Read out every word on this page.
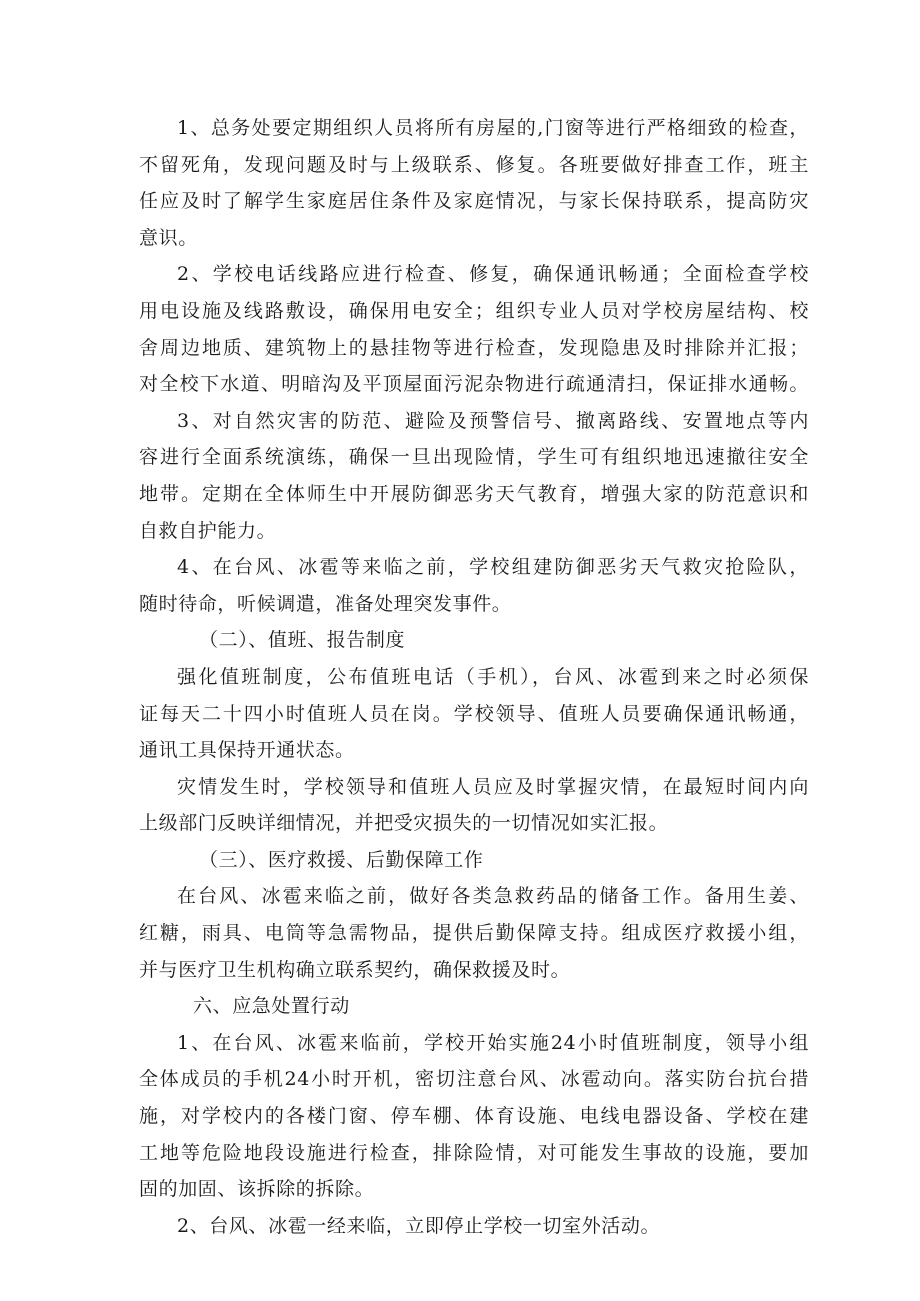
1、总务处要定期组织人员将所有房屋的,门窗等进行严格细致的检查，
不留死角，发现问题及时与上级联系、修复。各班要做好排查工作，班主
任应及时了解学生家庭居住条件及家庭情况，与家长保持联系，提高防灾
意识。
2、学校电话线路应进行检查、修复，确保通讯畅通；全面检查学校
用电设施及线路敷设，确保用电安全；组织专业人员对学校房屋结构、校
舍周边地质、建筑物上的悬挂物等进行检查，发现隐患及时排除并汇报；
对全校下水道、明暗沟及平顶屋面污泥杂物进行疏通清扫，保证排水通畅。
3、对自然灾害的防范、避险及预警信号、撤离路线、安置地点等内
容进行全面系统演练，确保一旦出现险情，学生可有组织地迅速撤往安全
地带。定期在全体师生中开展防御恶劣天气教育，增强大家的防范意识和
自救自护能力。
4、在台风、冰雹等来临之前，学校组建防御恶劣天气救灾抢险队，
随时待命，听候调遣，准备处理突发事件。
（二）、值班、报告制度
强化值班制度，公布值班电话（手机），台风、冰雹到来之时必须保
证每天二十四小时值班人员在岗。学校领导、值班人员要确保通讯畅通，
通讯工具保持开通状态。
灾情发生时，学校领导和值班人员应及时掌握灾情，在最短时间内向
上级部门反映详细情况，并把受灾损失的一切情况如实汇报。
（三）、医疗救援、后勤保障工作
在台风、冰雹来临之前，做好各类急救药品的储备工作。备用生姜、
红糖，雨具、电筒等急需物品，提供后勤保障支持。组成医疗救援小组，
并与医疗卫生机构确立联系契约，确保救援及时。
六、应急处置行动
1、在台风、冰雹来临前，学校开始实施24小时值班制度，领导小组
全体成员的手机24小时开机，密切注意台风、冰雹动向。落实防台抗台措
施，对学校内的各楼门窗、停车棚、体育设施、电线电器设备、学校在建
工地等危险地段设施进行检查，排除险情，对可能发生事故的设施，要加
固的加固、该拆除的拆除。
2、台风、冰雹一经来临，立即停止学校一切室外活动。
